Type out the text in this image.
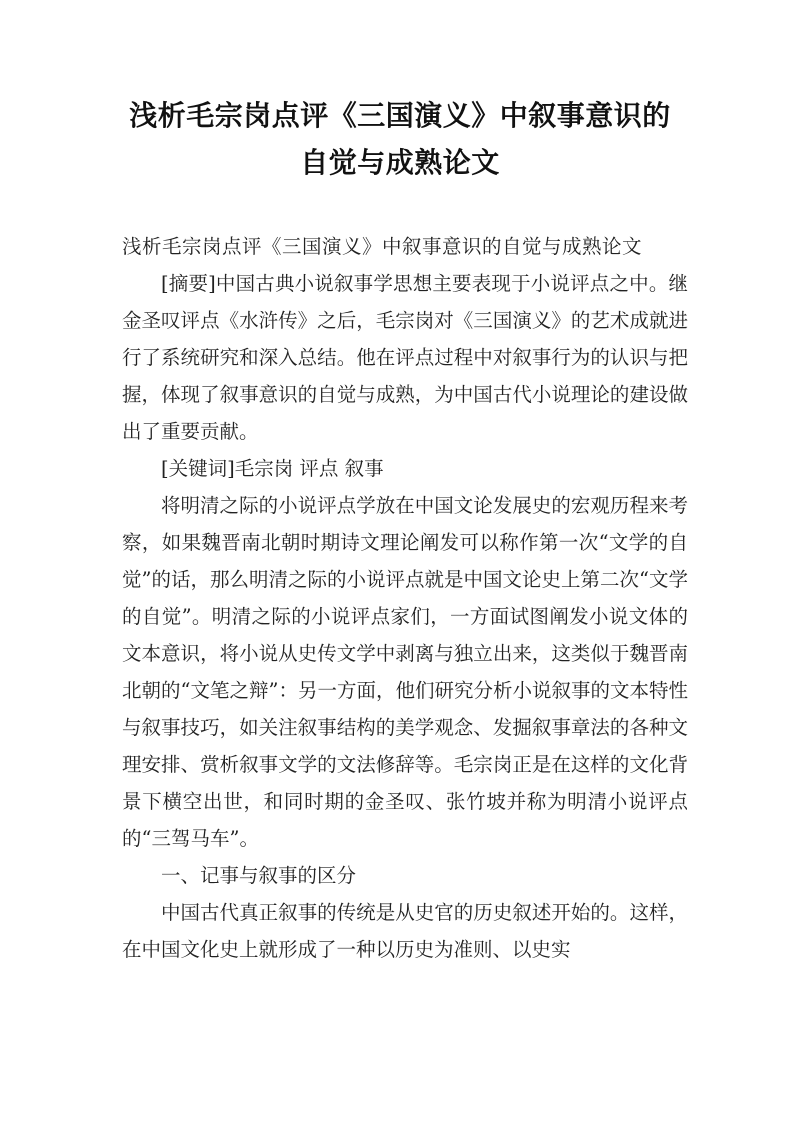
浅析毛宗岗点评《三国演义》中叙事意识的
自觉与成熟论文

浅析毛宗岗点评《三国演义》中叙事意识的自觉与成熟论文

[摘要]中国古典小说叙事学思想主要表现于小说评点之中。继金圣叹评点《水浒传》之后，毛宗岗对《三国演义》的艺术成就进行了系统研究和深入总结。他在评点过程中对叙事行为的认识与把握，体现了叙事意识的自觉与成熟，为中国古代小说理论的建设做出了重要贡献。

[关键词]毛宗岗 评点 叙事

将明清之际的小说评点学放在中国文论发展史的宏观历程来考察，如果魏晋南北朝时期诗文理论阐发可以称作第一次“文学的自觉”的话，那么明清之际的小说评点就是中国文论史上第二次“文学的自觉”。明清之际的小说评点家们，一方面试图阐发小说文体的文本意识，将小说从史传文学中剥离与独立出来，这类似于魏晋南北朝的“文笔之辩”：另一方面，他们研究分析小说叙事的文本特性与叙事技巧，如关注叙事结构的美学观念、发掘叙事章法的各种文理安排、赏析叙事文学的文法修辞等。毛宗岗正是在这样的文化背景下横空出世，和同时期的金圣叹、张竹坡并称为明清小说评点的“三驾马车”。

一、记事与叙事的区分

中国古代真正叙事的传统是从史官的历史叙述开始的。这样，在中国文化史上就形成了一种以历史为准则、以史实
